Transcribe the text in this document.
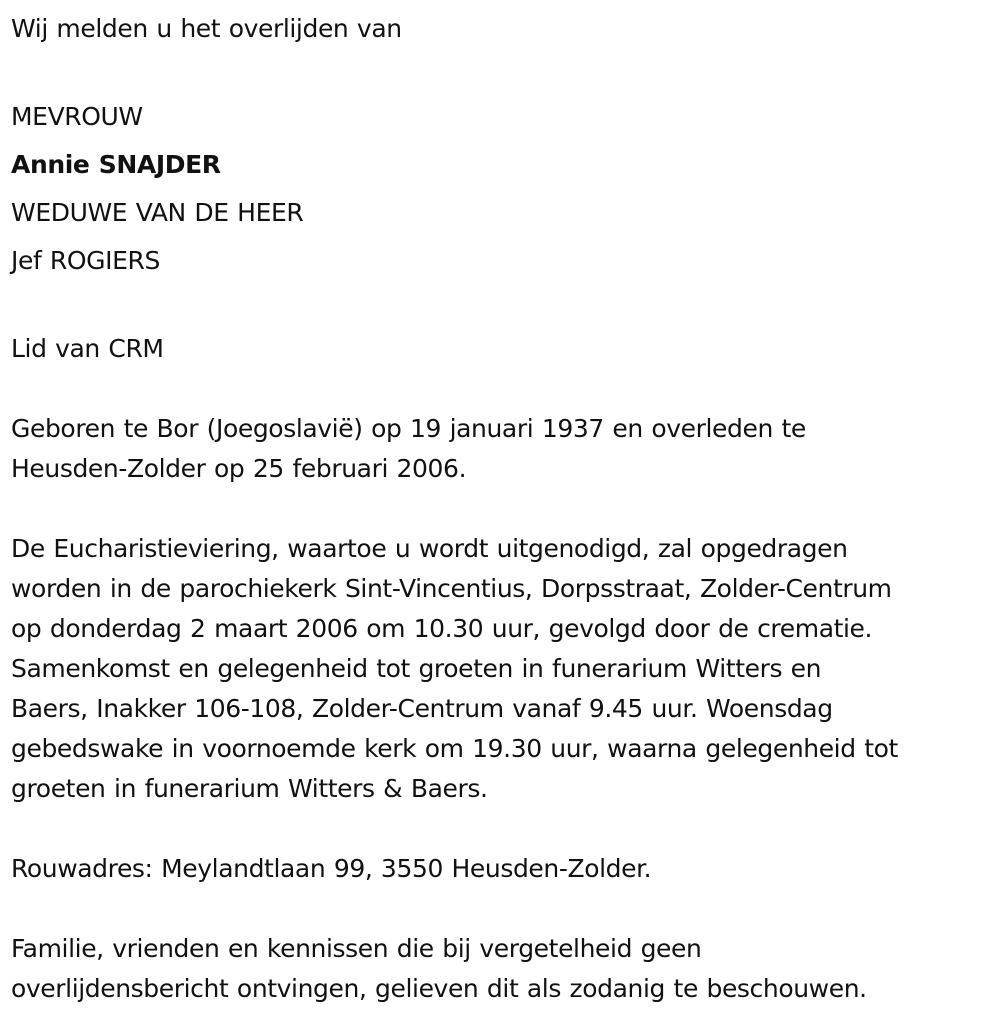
Wij melden u het overlijden van
MEVROUW
Annie SNAJDER
WEDUWE VAN DE HEER
Jef ROGIERS
Lid van CRM
Geboren te Bor (Joegoslavië) op 19 januari 1937 en overleden te
Heusden-Zolder op 25 februari 2006.
De Eucharistieviering, waartoe u wordt uitgenodigd, zal opgedragen
worden in de parochiekerk Sint-Vincentius, Dorpsstraat, Zolder-Centrum
op donderdag 2 maart 2006 om 10.30 uur, gevolgd door de crematie.
Samenkomst en gelegenheid tot groeten in funerarium Witters en
Baers, Inakker 106-108, Zolder-Centrum vanaf 9.45 uur. Woensdag
gebedswake in voornoemde kerk om 19.30 uur, waarna gelegenheid tot
groeten in funerarium Witters & Baers.
Rouwadres: Meylandtlaan 99, 3550 Heusden-Zolder.
Familie, vrienden en kennissen die bij vergetelheid geen
overlijdensbericht ontvingen, gelieven dit als zodanig te beschouwen.
